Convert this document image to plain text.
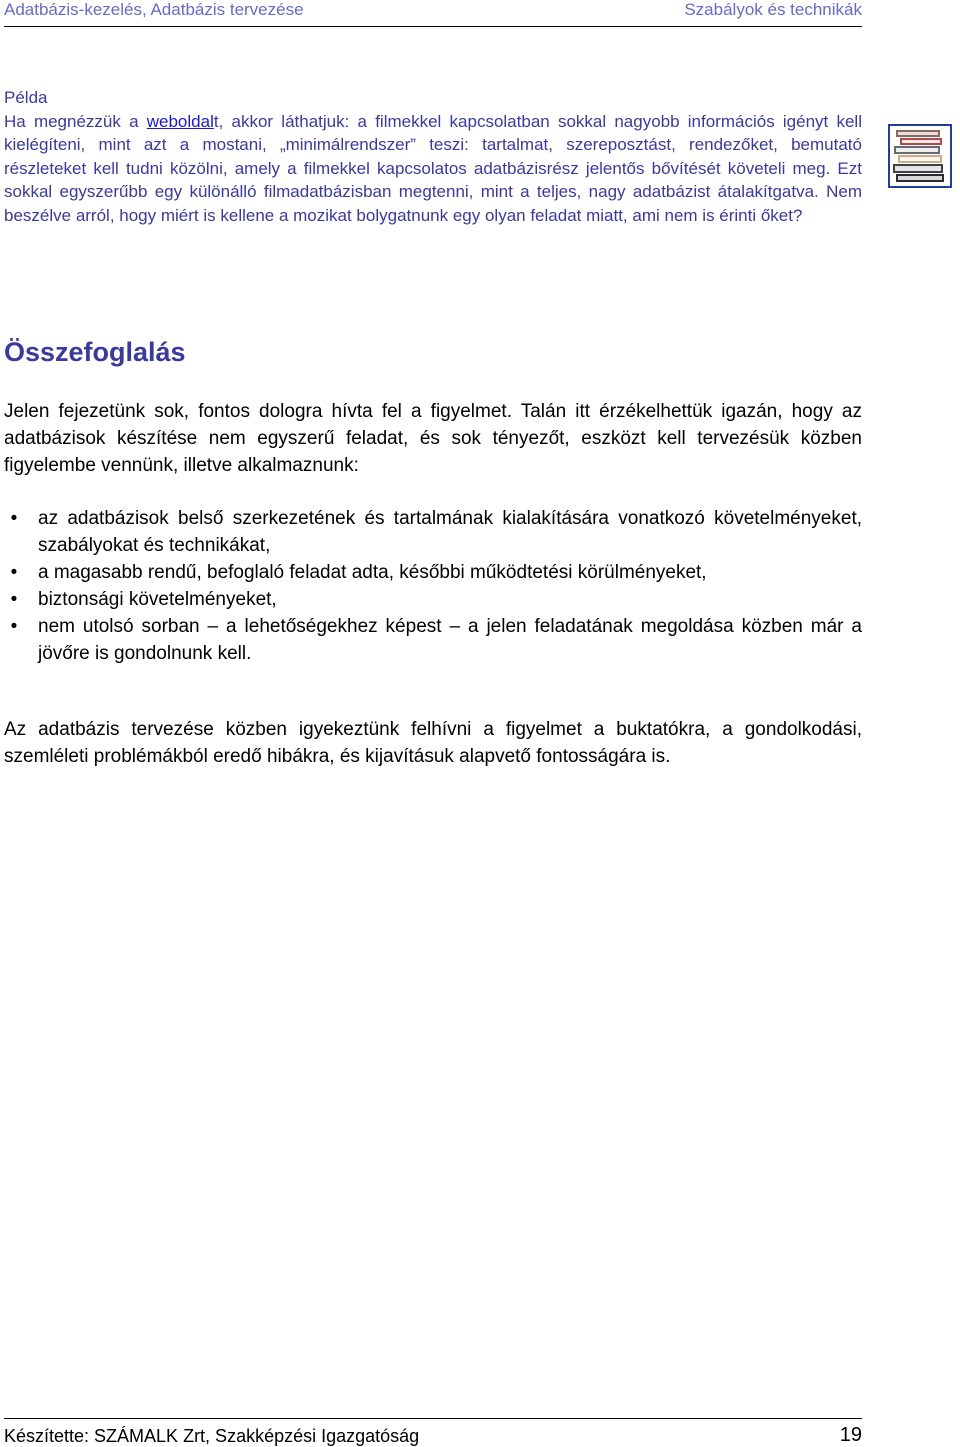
Adatbázis-kezelés, Adatbázis tervezése	Szabályok és technikák
Példa

Ha megnézzük a weboldalt, akkor láthatjuk: a filmekkel kapcsolatban sokkal nagyobb információs igényt kell kielégíteni, mint azt a mostani, „minimálrendszer” teszi: tartalmat, szereposztást, rendezőket, bemutató részleteket kell tudni közölni, amely a filmekkel kapcsolatos adatbázisrész jelentős bővítését követeli meg. Ezt sokkal egyszerűbb egy különálló filmadatbázisban megtenni, mint a teljes, nagy adatbázist átalakítgatva. Nem beszélve arról, hogy miért is kellene a mozikat bolygatnunk egy olyan feladat miatt, ami nem is érinti őket?

Összefoglalás

Jelen fejezetünk sok, fontos dologra hívta fel a figyelmet. Talán itt érzékelhettük igazán, hogy az adatbázisok készítése nem egyszerű feladat, és sok tényezőt, eszközt kell tervezésük közben figyelembe vennünk, illetve alkalmaznunk:

•	az adatbázisok belső szerkezetének és tartalmának kialakítására vonatkozó követelményeket, szabályokat és technikákat,
•	a magasabb rendű, befoglaló feladat adta, későbbi működtetési körülményeket,
•	biztonsági követelményeket,
•	nem utolsó sorban – a lehetőségekhez képest – a jelen feladatának megoldása közben már a jövőre is gondolnunk kell.

Az adatbázis tervezése közben igyekeztünk felhívni a figyelmet a buktatókra, a gondolkodási, szemléleti problémákból eredő hibákra, és kijavításuk alapvető fontosságára is.

Készítette: SZÁMALK Zrt, Szakképzési Igazgatóság	19
